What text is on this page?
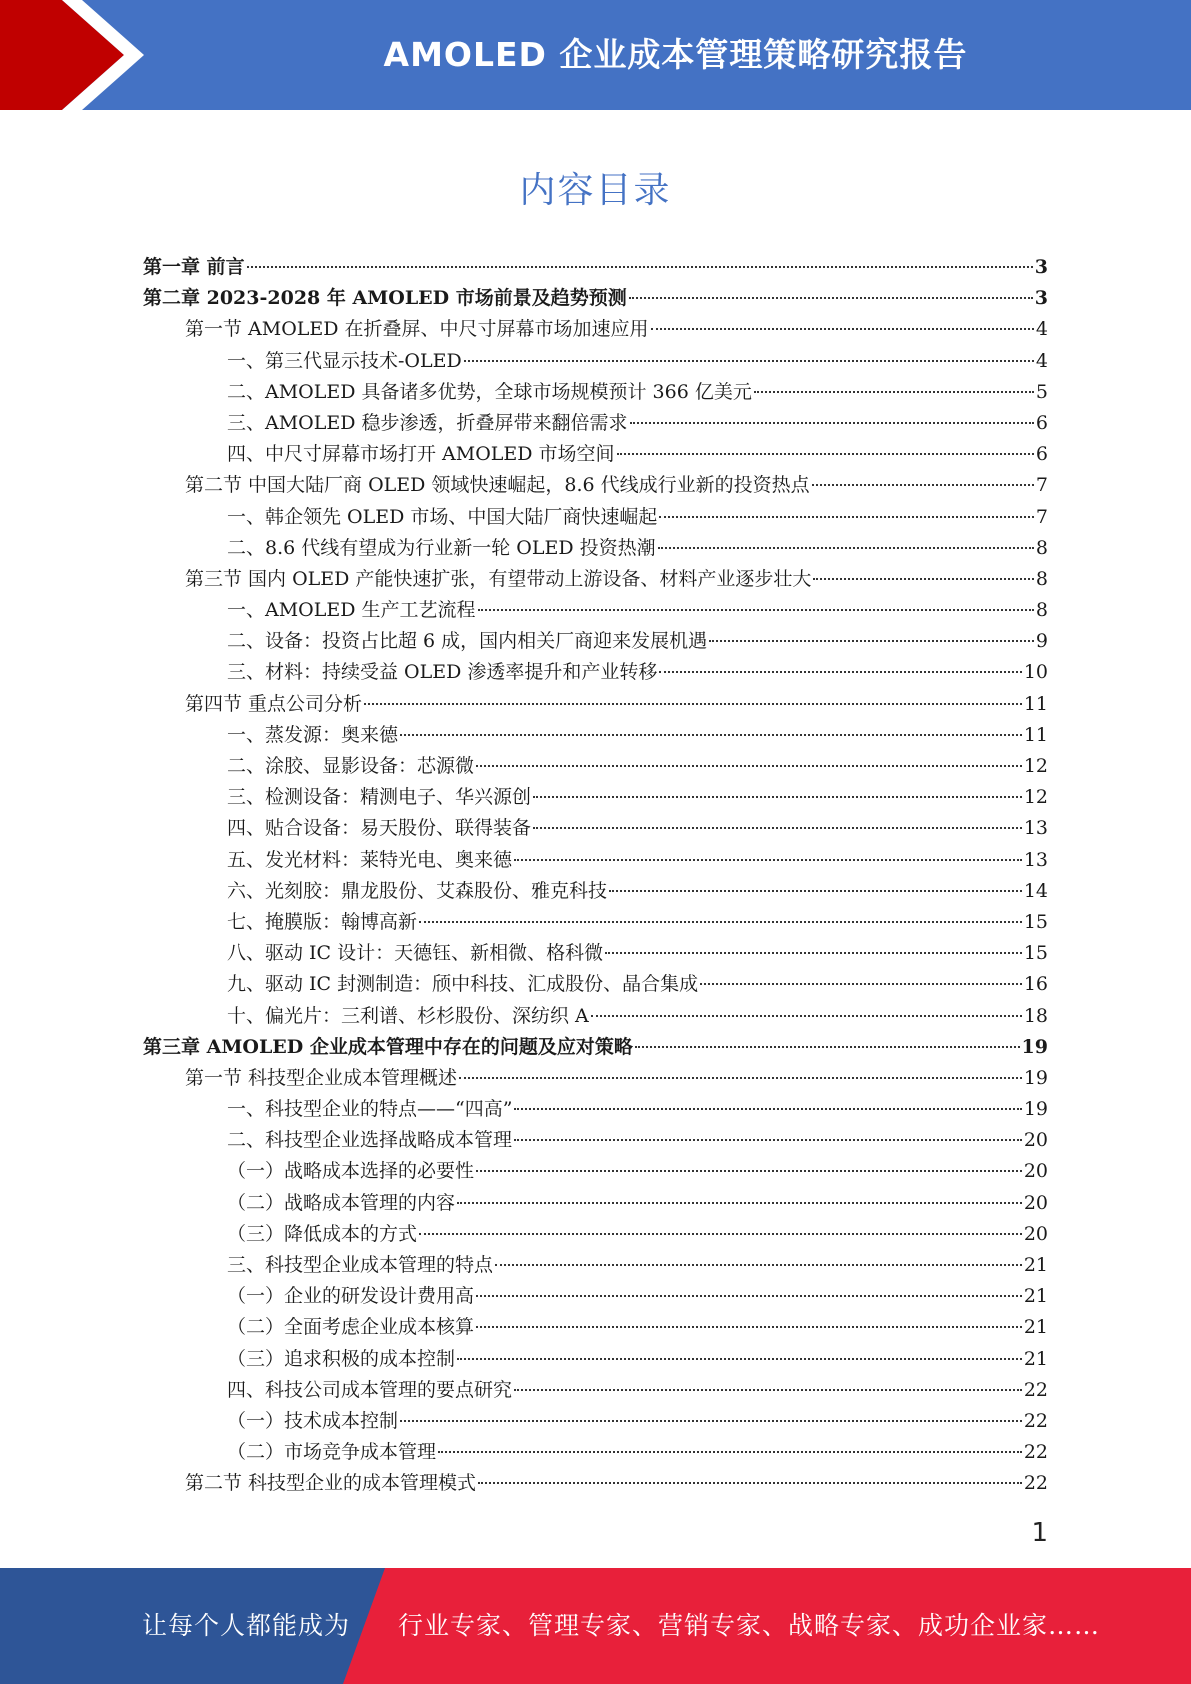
AMOLED 企业成本管理策略研究报告
内容目录
第一章 前言	3
第二章 2023-2028 年 AMOLED 市场前景及趋势预测	3
第一节 AMOLED 在折叠屏、中尺寸屏幕市场加速应用	4
一、第三代显示技术-OLED	4
二、AMOLED 具备诸多优势，全球市场规模预计 366 亿美元	5
三、AMOLED 稳步渗透，折叠屏带来翻倍需求	6
四、中尺寸屏幕市场打开 AMOLED 市场空间	6
第二节 中国大陆厂商 OLED 领域快速崛起，8.6 代线成行业新的投资热点	7
一、韩企领先 OLED 市场、中国大陆厂商快速崛起	7
二、8.6 代线有望成为行业新一轮 OLED 投资热潮	8
第三节 国内 OLED 产能快速扩张，有望带动上游设备、材料产业逐步壮大	8
一、AMOLED 生产工艺流程	8
二、设备：投资占比超 6 成，国内相关厂商迎来发展机遇	9
三、材料：持续受益 OLED 渗透率提升和产业转移	10
第四节 重点公司分析	11
一、蒸发源：奥来德	11
二、涂胶、显影设备：芯源微	12
三、检测设备：精测电子、华兴源创	12
四、贴合设备：易天股份、联得装备	13
五、发光材料：莱特光电、奥来德	13
六、光刻胶：鼎龙股份、艾森股份、雅克科技	14
七、掩膜版：翰博高新	15
八、驱动 IC 设计：天德钰、新相微、格科微	15
九、驱动 IC 封测制造：颀中科技、汇成股份、晶合集成	16
十、偏光片：三利谱、杉杉股份、深纺织 A	18
第三章 AMOLED 企业成本管理中存在的问题及应对策略	19
第一节 科技型企业成本管理概述	19
一、科技型企业的特点——“四高”	19
二、科技型企业选择战略成本管理	20
（一）战略成本选择的必要性	20
（二）战略成本管理的内容	20
（三）降低成本的方式	20
三、科技型企业成本管理的特点	21
（一）企业的研发设计费用高	21
（二）全面考虑企业成本核算	21
（三）追求积极的成本控制	21
四、科技公司成本管理的要点研究	22
（一）技术成本控制	22
（二）市场竞争成本管理	22
第二节 科技型企业的成本管理模式	22
1
让每个人都能成为 行业专家、管理专家、营销专家、战略专家、成功企业家……
